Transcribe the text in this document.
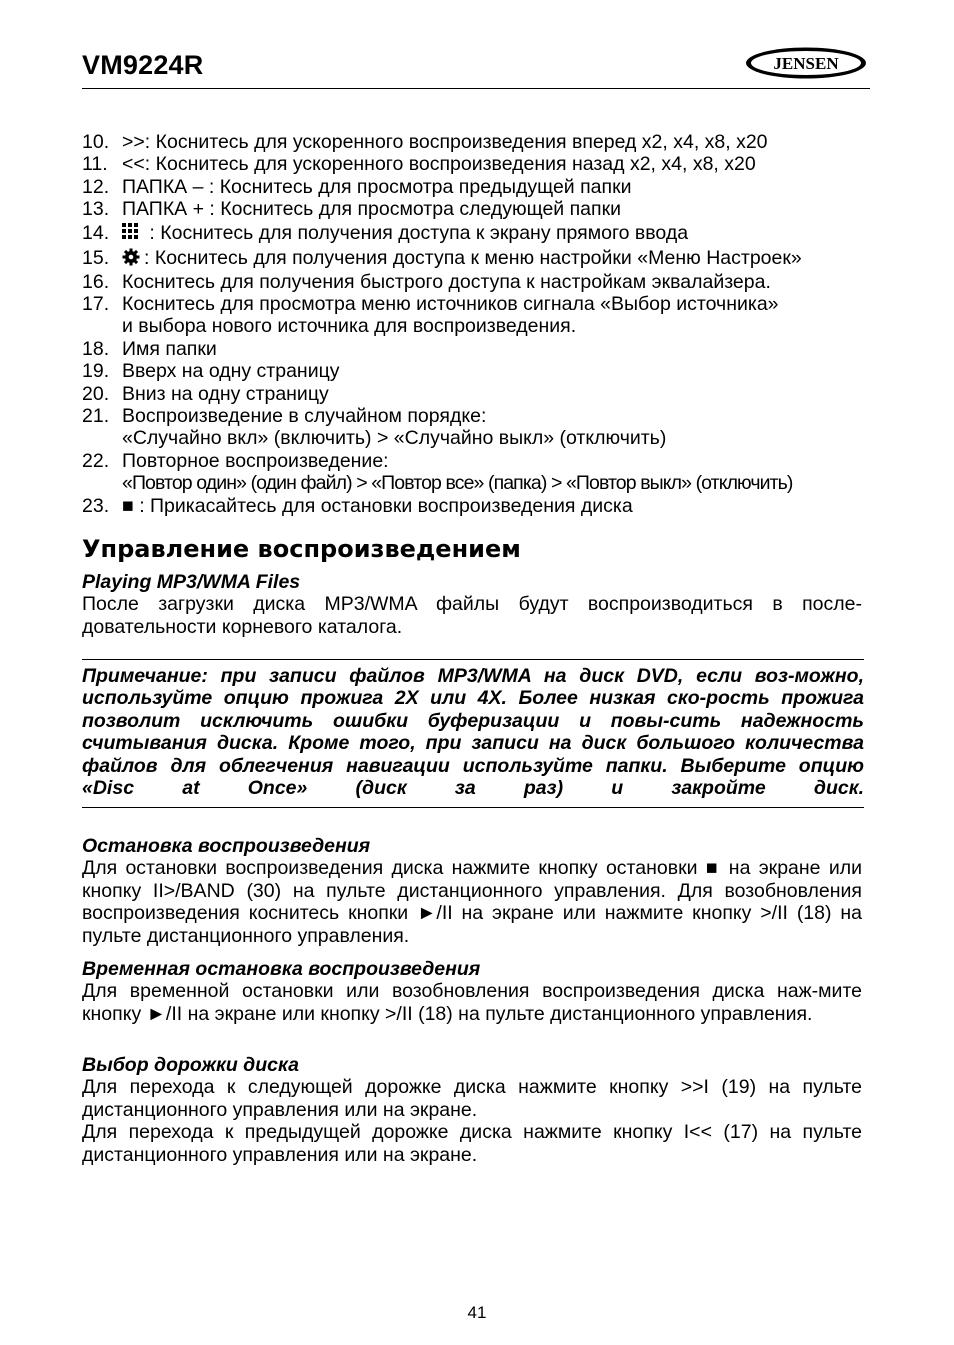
VM9224R	JENSEN
10. >>: Коснитесь для ускоренного воспроизведения вперед x2, x4, x8, x20
11. <<: Коснитесь для ускоренного воспроизведения назад x2, x4, x8, x20
12. ПАПКА – : Коснитесь для просмотра предыдущей папки
13. ПАПКА + : Коснитесь для просмотра следующей папки
14. : Коснитесь для получения доступа к экрану прямого ввода
15. : Коснитесь для получения доступа к меню настройки «Меню Настроек»
16. Коснитесь для получения быстрого доступа к настройкам эквалайзера.
17. Коснитесь для просмотра меню источников сигнала «Выбор источника»
и выбора нового источника для воспроизведения.
18. Имя папки
19. Вверх на одну страницу
20. Вниз на одну страницу
21. Воспроизведение в случайном порядке:
«Случайно вкл» (включить) > «Случайно выкл» (отключить)
22. Повторное воспроизведение:
«Повтор один» (один файл) > «Повтор все» (папка) > «Повтор выкл» (отключить)
23. ■ : Прикасайтесь для остановки воспроизведения диска
Управление воспроизведением
Playing MP3/WMA Files

После загрузки диска MP3/WMA файлы будут воспроизводиться в после-довательности корневого каталога.

Примечание: при записи файлов MP3/WMA на диск DVD, если воз-можно, используйте опцию прожига 2X или 4X. Более низкая ско-рость прожига позволит исключить ошибки буферизации и повы-сить надежность считывания диска. Кроме того, при записи на диск большого количества файлов для облегчения навигации используйте папки. Выберите опцию «Disc at Once» (диск за раз) и закройте диск.
Остановка воспроизведения

Для остановки воспроизведения диска нажмите кнопку остановки ■ на экране или кнопку II>/BAND (30) на пульте дистанционного управления. Для возобновления воспроизведения коснитесь кнопки ►/II на экране или нажмите кнопку >/II (18) на пульте дистанционного управления.

Временная остановка воспроизведения

Для временной остановки или возобновления воспроизведения диска наж-мите кнопку ►/II на экране или кнопку >/II (18) на пульте дистанционного управления.

Выбор дорожки диска

Для перехода к следующей дорожке диска нажмите кнопку >>I (19) на пульте дистанционного управления или на экране.

Для перехода к предыдущей дорожке диска нажмите кнопку I<< (17) на пульте дистанционного управления или на экране.

41
